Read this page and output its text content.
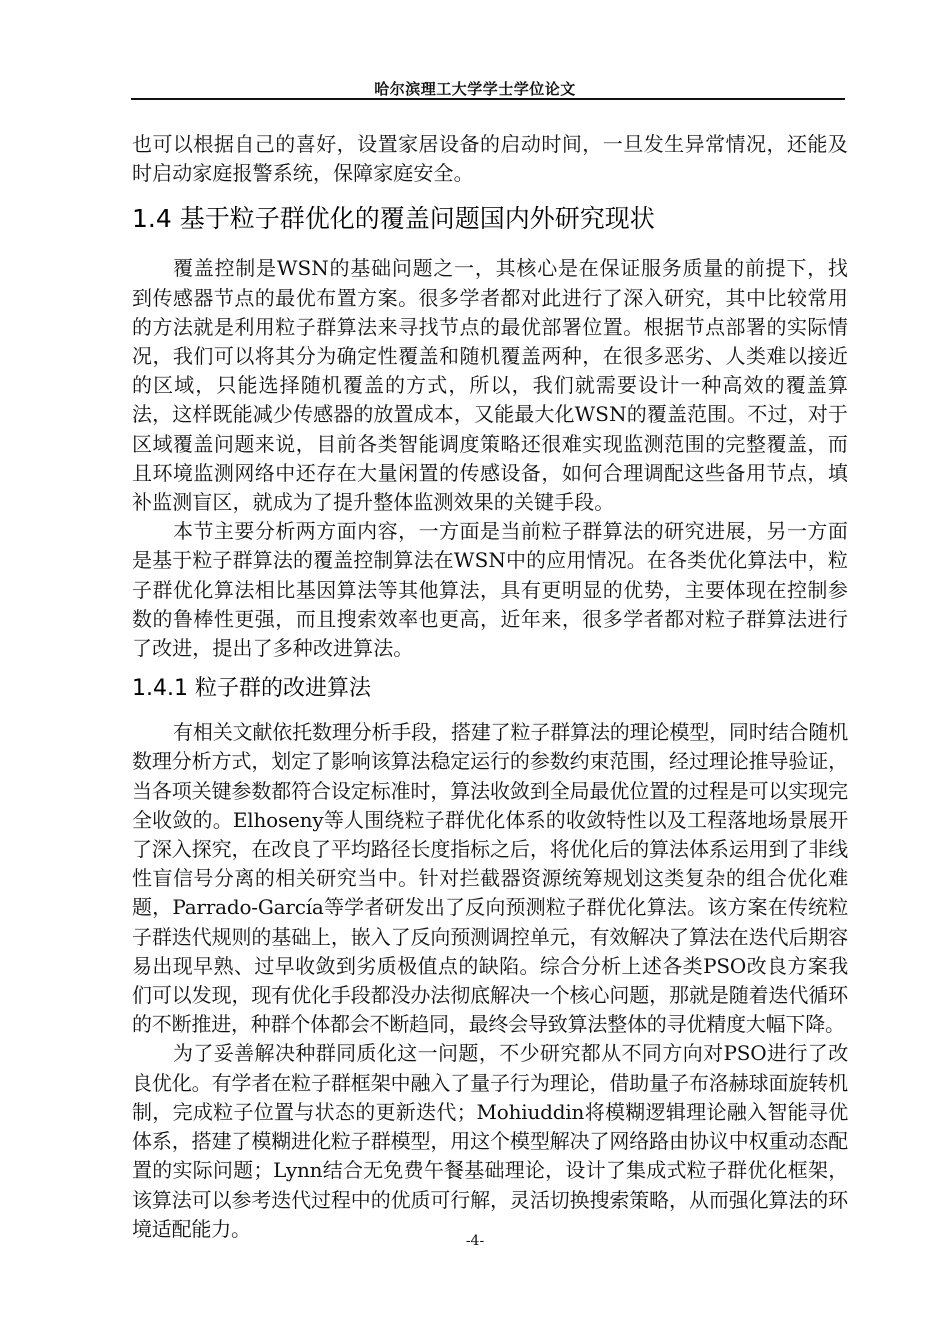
哈尔滨理工大学学士学位论文

也可以根据自己的喜好，设置家居设备的启动时间，一旦发生异常情况，还能及时启动家庭报警系统，保障家庭安全。

1.4 基于粒子群优化的覆盖问题国内外研究现状

覆盖控制是WSN的基础问题之一，其核心是在保证服务质量的前提下，找到传感器节点的最优布置方案。很多学者都对此进行了深入研究，其中比较常用的方法就是利用粒子群算法来寻找节点的最优部署位置。根据节点部署的实际情况，我们可以将其分为确定性覆盖和随机覆盖两种，在很多恶劣、人类难以接近的区域，只能选择随机覆盖的方式，所以，我们就需要设计一种高效的覆盖算法，这样既能减少传感器的放置成本，又能最大化WSN的覆盖范围。不过，对于区域覆盖问题来说，目前各类智能调度策略还很难实现监测范围的完整覆盖，而且环境监测网络中还存在大量闲置的传感设备，如何合理调配这些备用节点，填补监测盲区，就成为了提升整体监测效果的关键手段。

本节主要分析两方面内容，一方面是当前粒子群算法的研究进展，另一方面是基于粒子群算法的覆盖控制算法在WSN中的应用情况。在各类优化算法中，粒子群优化算法相比基因算法等其他算法，具有更明显的优势，主要体现在控制参数的鲁棒性更强，而且搜索效率也更高，近年来，很多学者都对粒子群算法进行了改进，提出了多种改进算法。

1.4.1 粒子群的改进算法

有相关文献依托数理分析手段，搭建了粒子群算法的理论模型，同时结合随机数理分析方式，划定了影响该算法稳定运行的参数约束范围，经过理论推导验证，当各项关键参数都符合设定标准时，算法收敛到全局最优位置的过程是可以实现完全收敛的。Elhoseny等人围绕粒子群优化体系的收敛特性以及工程落地场景展开了深入探究，在改良了平均路径长度指标之后，将优化后的算法体系运用到了非线性盲信号分离的相关研究当中。针对拦截器资源统筹规划这类复杂的组合优化难题，Parrado-García等学者研发出了反向预测粒子群优化算法。该方案在传统粒子群迭代规则的基础上，嵌入了反向预测调控单元，有效解决了算法在迭代后期容易出现早熟、过早收敛到劣质极值点的缺陷。综合分析上述各类PSO改良方案我们可以发现，现有优化手段都没办法彻底解决一个核心问题，那就是随着迭代循环的不断推进，种群个体都会不断趋同，最终会导致算法整体的寻优精度大幅下降。

为了妥善解决种群同质化这一问题，不少研究都从不同方向对PSO进行了改良优化。有学者在粒子群框架中融入了量子行为理论，借助量子布洛赫球面旋转机制，完成粒子位置与状态的更新迭代；Mohiuddin将模糊逻辑理论融入智能寻优体系，搭建了模糊进化粒子群模型，用这个模型解决了网络路由协议中权重动态配置的实际问题；Lynn结合无免费午餐基础理论，设计了集成式粒子群优化框架，该算法可以参考迭代过程中的优质可行解，灵活切换搜索策略，从而强化算法的环境适配能力。

-4-
